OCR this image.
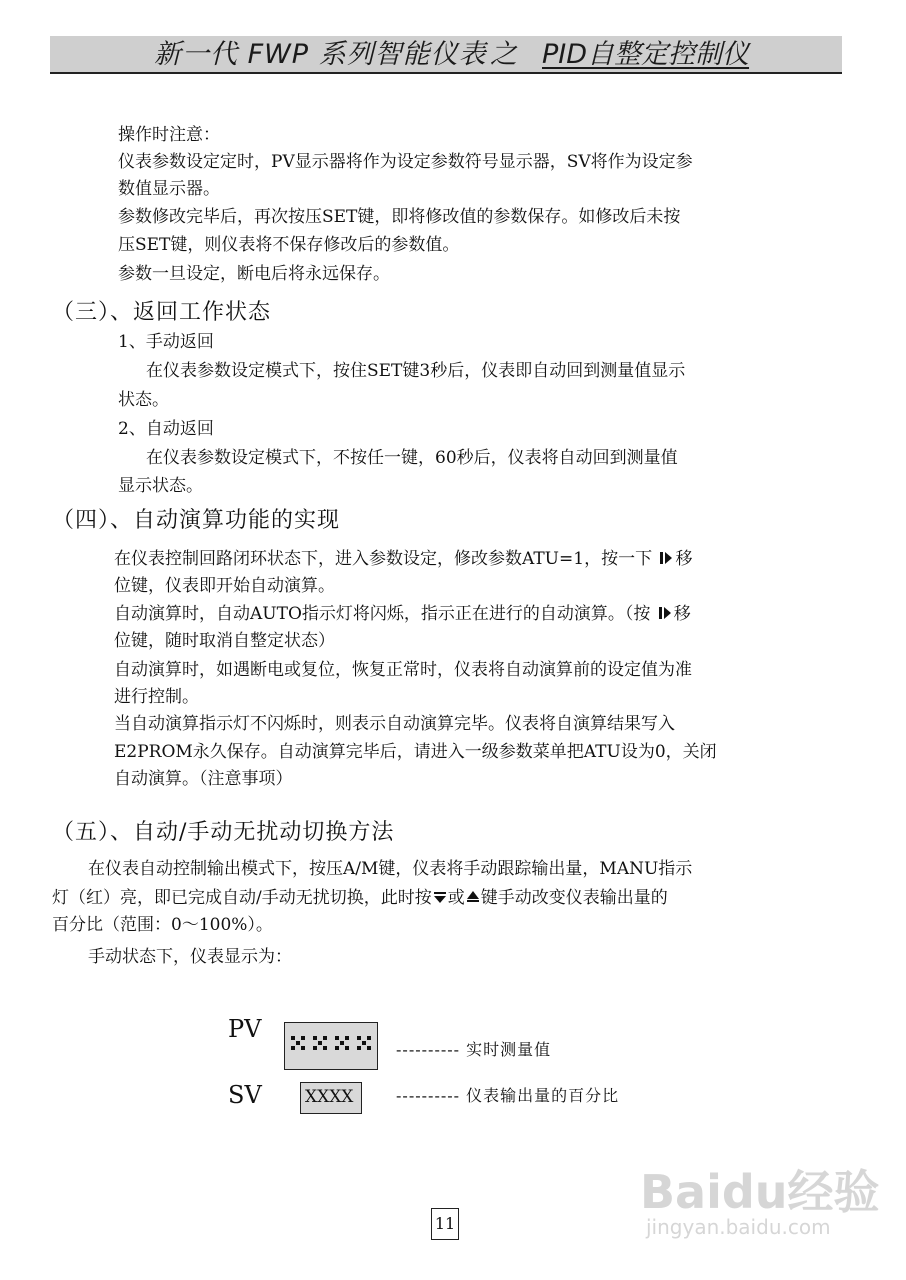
新一代 FWP 系列智能仪表 之 PID自整定控制仪
操作时注意：
仪表参数设定定时，PV显示器将作为设定参数符号显示器，SV将作为设定参
数值显示器。
参数修改完毕后，再次按压SET键，即将修改值的参数保存。如修改后未按
压SET键，则仪表将不保存修改后的参数值。
参数一旦设定，断电后将永远保存。
（三）、返回工作状态
1、手动返回
在仪表参数设定模式下，按住SET键3秒后，仪表即自动回到测量值显示
状态。
2、自动返回
在仪表参数设定模式下，不按任一键，60秒后，仪表将自动回到测量值
显示状态。
（四）、自动演算功能的实现
在仪表控制回路闭环状态下，进入参数设定，修改参数ATU=1，按一下 移
位键，仪表即开始自动演算。
自动演算时，自动AUTO指示灯将闪烁，指示正在进行的自动演算。（按 移
位键，随时取消自整定状态）
自动演算时，如遇断电或复位，恢复正常时，仪表将自动演算前的设定值为准
进行控制。
当自动演算指示灯不闪烁时，则表示自动演算完毕。仪表将自演算结果写入
E2PROM永久保存。自动演算完毕后，请进入一级参数菜单把ATU设为0，关闭
自动演算。（注意事项）
（五）、自动/手动无扰动切换方法
在仪表自动控制输出模式下，按压A/M键，仪表将手动跟踪输出量，MANU指示
灯（红）亮，即已完成自动/手动无扰切换，此时按 或 键手动改变仪表输出量的
百分比（范围：0～100%）。
手动状态下，仪表显示为：
PV
---------- 实时测量值
SV	XXXX	---------- 仪表输出量的百分比
11
Baidu经验
jingyan.baidu.com
